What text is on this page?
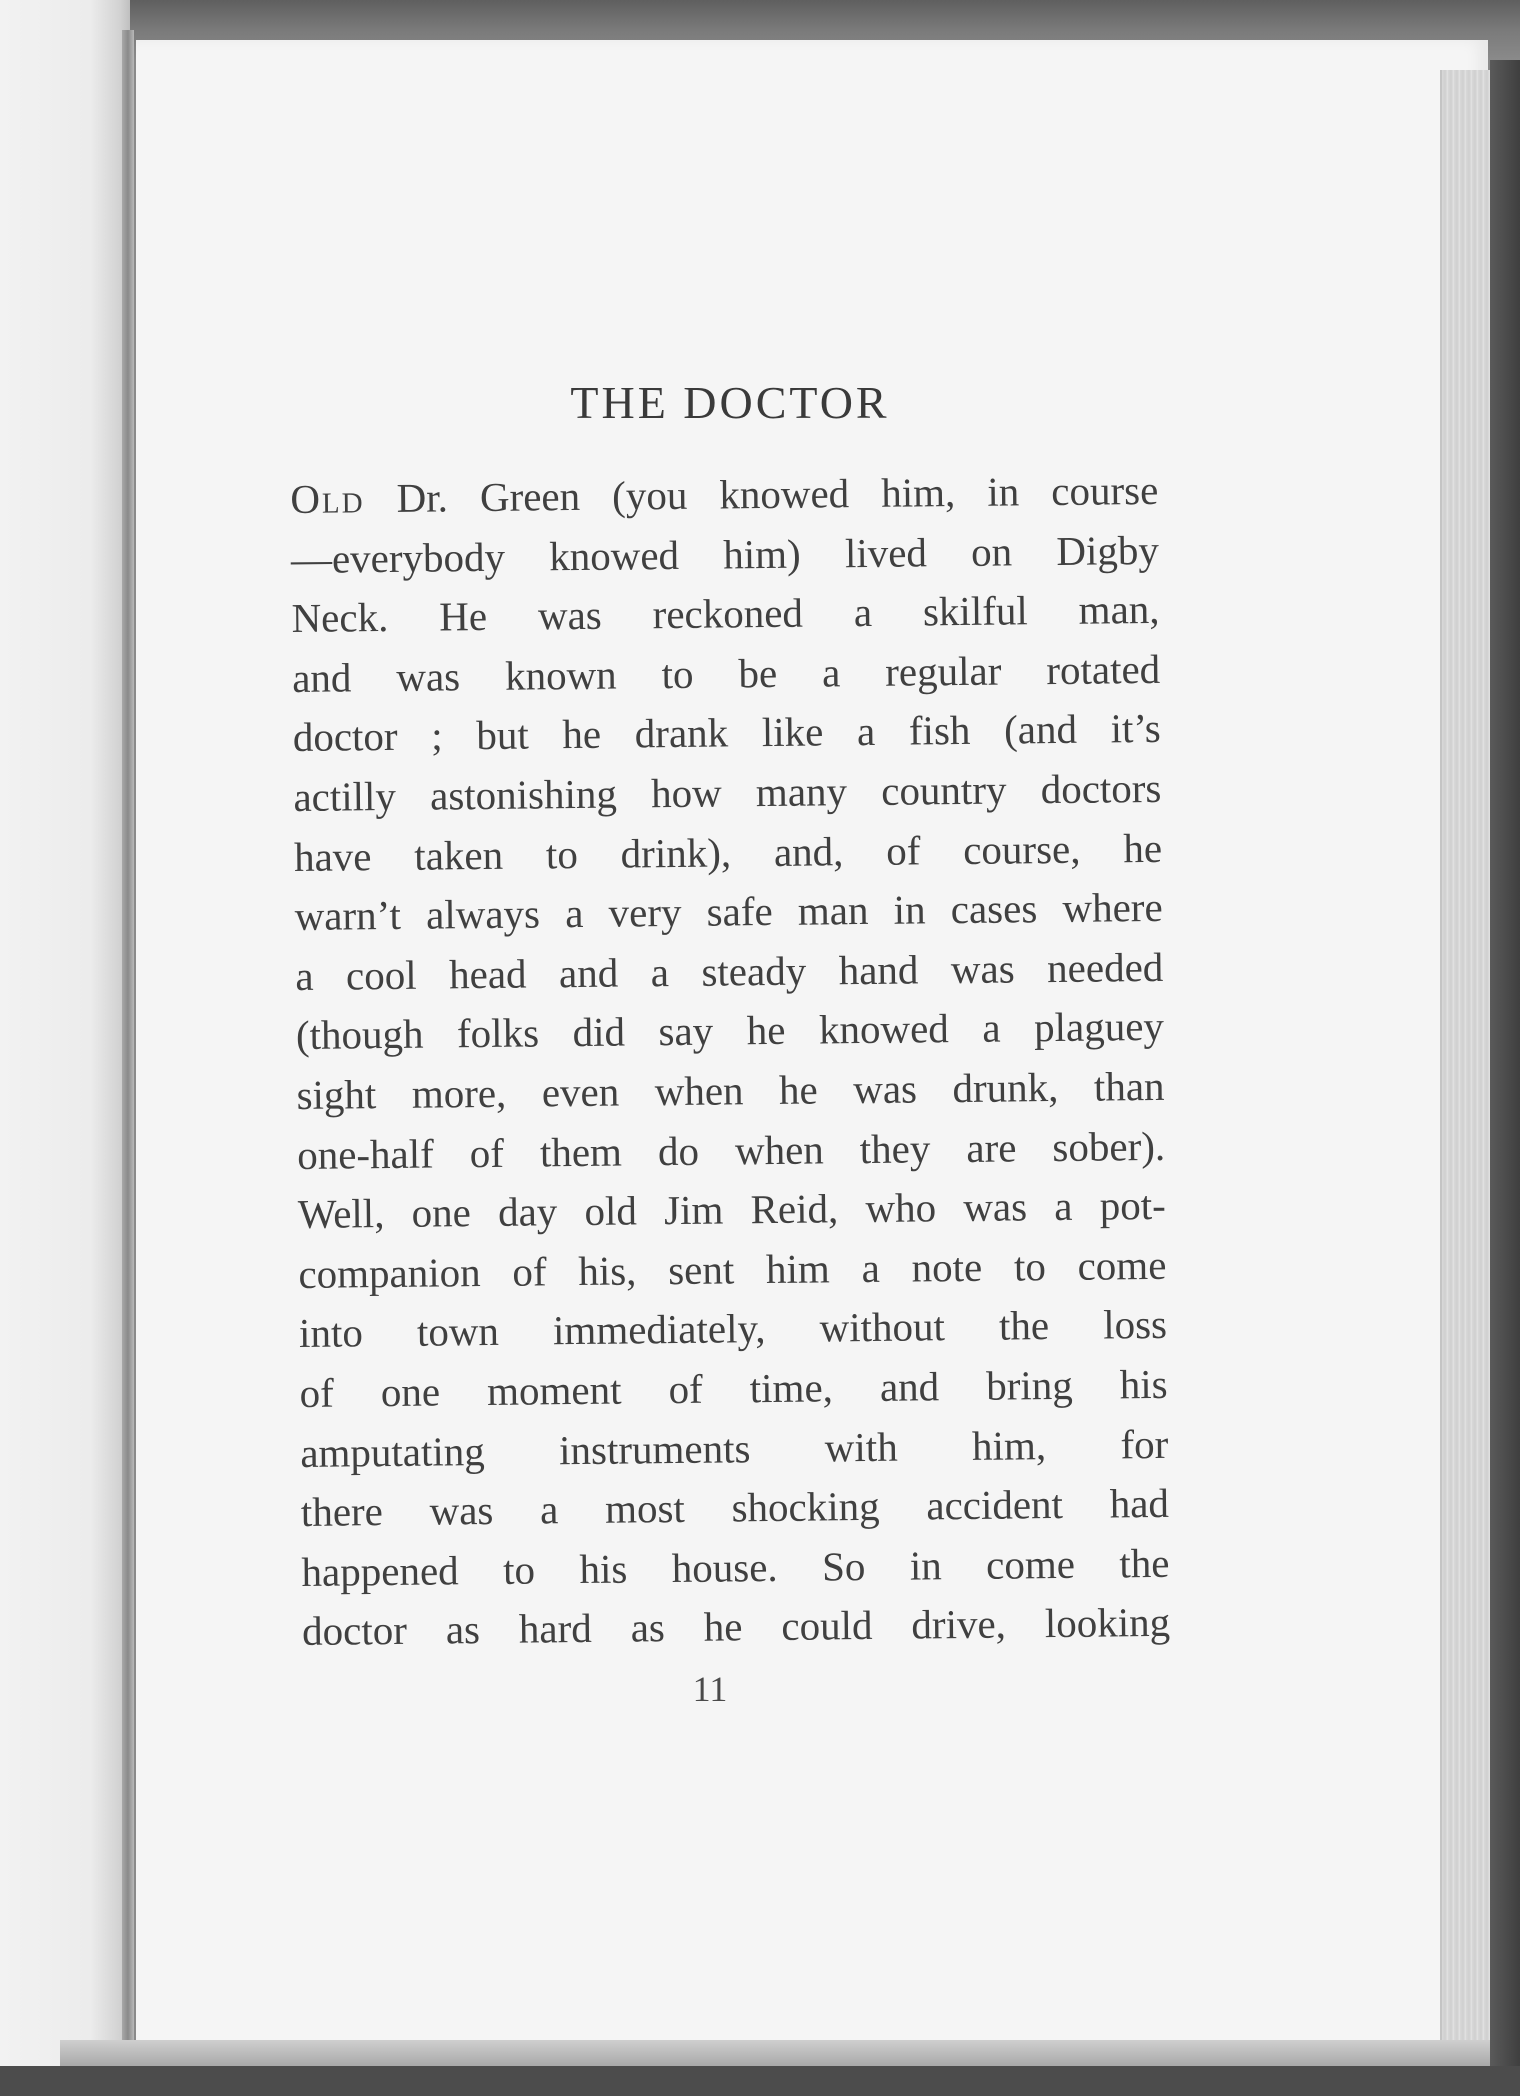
THE DOCTOR
Old Dr. Green (you knowed him, in course
—everybody knowed him) lived on Digby
Neck. He was reckoned a skilful man,
and was known to be a regular rotated
doctor ; but he drank like a fish (and it’s
actilly astonishing how many country doctors
have taken to drink), and, of course, he
warn’t always a very safe man in cases where
a cool head and a steady hand was needed
(though folks did say he knowed a plaguey
sight more, even when he was drunk, than
one-half of them do when they are sober).
Well, one day old Jim Reid, who was a pot-
companion of his, sent him a note to come
into town immediately, without the loss
of one moment of time, and bring his
amputating instruments with him, for
there was a most shocking accident had
happened to his house. So in come the
doctor as hard as he could drive, looking
11
